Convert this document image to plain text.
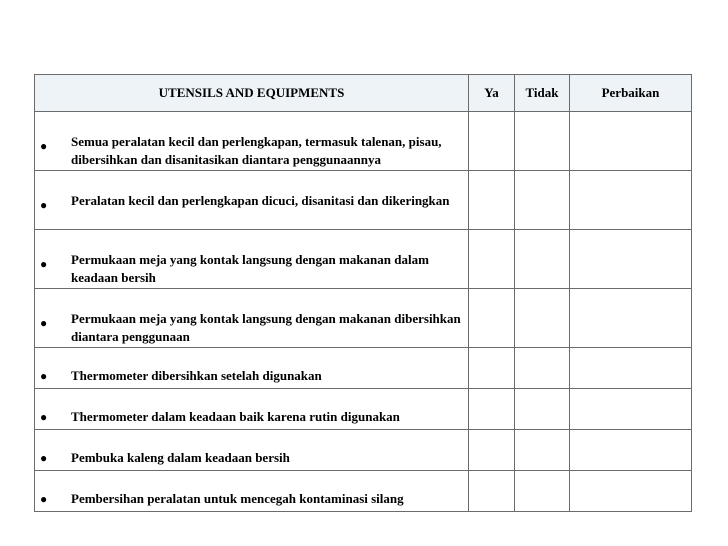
UTENSILS AND EQUIPMENTS	Ya	Tidak	Perbaikan

● Semua peralatan kecil dan perlengkapan, termasuk talenan, pisau, dibersihkan dan disanitasikan diantara penggunaannya			

● Peralatan kecil dan perlengkapan dicuci, disanitasi dan dikeringkan			

● Permukaan meja yang kontak langsung dengan makanan dalam keadaan bersih			

● Permukaan meja yang kontak langsung dengan makanan dibersihkan diantara penggunaan			

● Thermometer dibersihkan setelah digunakan			

● Thermometer dalam keadaan baik karena rutin digunakan			

● Pembuka kaleng dalam keadaan bersih			

● Pembersihan peralatan untuk mencegah kontaminasi silang			
